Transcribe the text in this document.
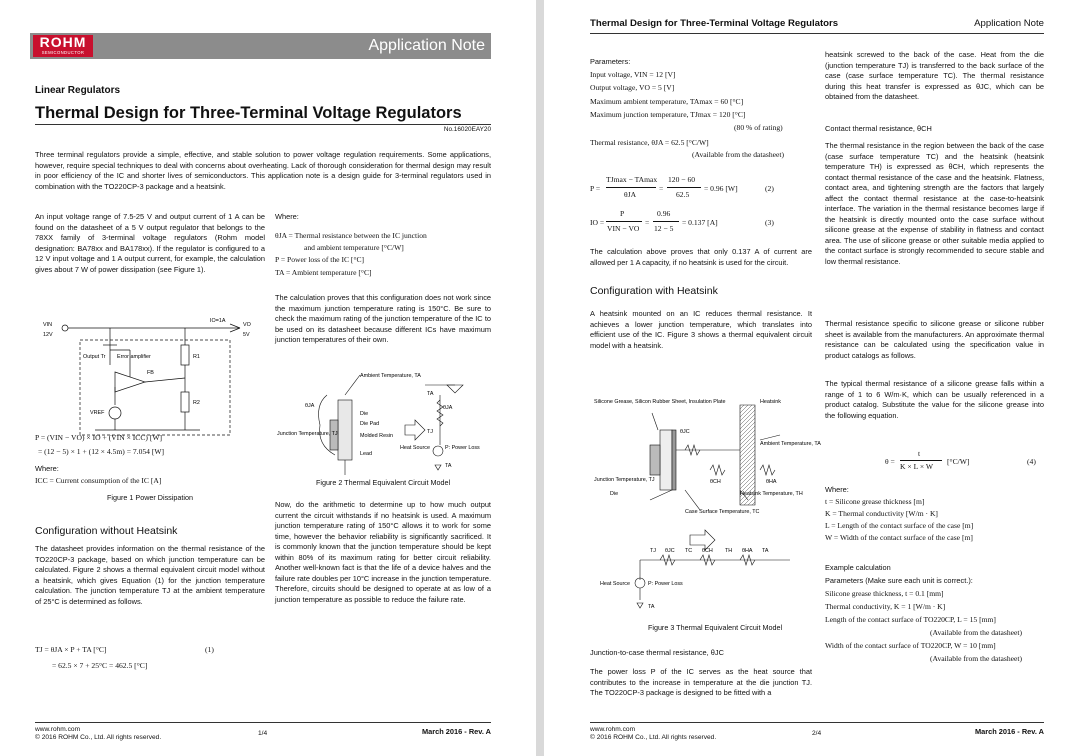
ROHM
SEMICONDUCTOR	Application Note
Linear Regulators
Thermal Design for Three-Terminal Voltage Regulators
No.16020EAY20

Three terminal regulators provide a simple, effective, and stable solution to power voltage regulation requirements. Some applications, however, require special techniques to deal with concerns about overheating. Lack of thorough consideration for thermal design may result in poor efficiency of the IC and shorter lives of semiconductors. This application note is a design guide for 3-terminal regulators used in combination with the TO220CP-3 package and a heatsink.

An input voltage range of 7.5-25 V and output current of 1 A can be found on the datasheet of a 5 V output regulator that belongs to the 78XX family of 3-terminal voltage regulators (Rohm model designation: BA78xx and BA178xx). If the regulator is configured to a 12 V input voltage and 1 A output current, for example, the calculation gives about 7 W of power dissipation (see Figure 1).

VIN
12V
VO
5V
IO=1A
Output Tr Error amplifier
FB
VREF
R1
R2
P = (VIN − VO) × IO + (VIN × ICC) [W]
= (12 − 5) × 1 + (12 × 4.5m) = 7.054 [W]
Where:
ICC = Current consumption of the IC [A]
Figure 1 Power Dissipation
Where:
θJA = Thermal resistance between the IC junction
and ambient temperature [°C/W]
P = Power loss of the IC [°C]
TA = Ambient temperature [°C]

The calculation proves that this configuration does not work since the maximum junction temperature rating is 150°C. Be sure to check the maximum rating of the junction temperature of the IC to be used on its datasheet because different ICs have maximum junction temperatures of their own.

Ambient Temperature, TA
TA
θJA	θJA
Die
Die Pad
Molded Resin
Lead
Junction Temperature, TJ	TJ
Heat Source	P: Power Loss
TA
Figure 2 Thermal Equivalent Circuit Model
Configuration without Heatsink

The datasheet provides information on the thermal resistance of the TO220CP-3 package, based on which junction temperature can be calculated. Figure 2 shows a thermal equivalent circuit model without a heatsink, which gives Equation (1) for the junction temperature calculation. The junction temperature TJ at the ambient temperature of 25°C is determined as follows.

TJ = θJA × P + TA [°C]	(1)
= 62.5 × 7 + 25°C = 462.5 [°C]

Now, do the arithmetic to determine up to how much output current the circuit withstands if no heatsink is used. A maximum junction temperature rating of 150°C allows it to work for some time, however the behavior reliability is significantly sacrificed. It is commonly known that the junction temperature should be kept within 80% of its maximum rating for better circuit reliability. Another well-known fact is that the life of a device halves and the failure rate doubles per 10°C increase in the junction temperature. Therefore, circuits should be designed to operate at as low of a junction temperature as possible to reduce the failure rate.

www.rohm.com
© 2016 ROHM Co., Ltd. All rights reserved.
1/4	March 2016 - Rev. A
Thermal Design for Three-Terminal Voltage Regulators	Application Note
Parameters:
Input voltage, VIN = 12 [V]
Output voltage, VO = 5 [V]
Maximum ambient temperature, TAmax = 60 [°C]
Maximum junction temperature, TJmax = 120 [°C]
(80 % of rating)
Thermal resistance, θJA = 62.5 [°C/W]
(Available from the datasheet)
P =
TJmax − TAmax
θJA
=
120 − 60
62.5
= 0.96 [W]	(2)
IO =
P
VIN − VO
=
0.96
12 − 5
= 0.137 [A]	(3)

The calculation above proves that only 0.137 A of current are allowed per 1 A capacity, if no heatsink is used for the circuit.

Configuration with Heatsink

A heatsink mounted on an IC reduces thermal resistance. It achieves a lower junction temperature, which translates into efficient use of the IC. Figure 3 shows a thermal equivalent circuit model with a heatsink.

Silicone Grease, Silicon Rubber Sheet, Insulation Plate	Heatsink
θJC
Ambient Temperature, TA
θCH	θHA
Junction Temperature, TJ
Die	Heatsink Temperature, TH
Case Surface Temperature, TC
TJ θJC TC θCH TH θHA TA
Heat Source	P: Power Loss
TA
Figure 3 Thermal Equivalent Circuit Model
Junction-to-case thermal resistance, θJC

The power loss P of the IC serves as the heat source that contributes to the increase in temperature at the die junction TJ. The TO220CP-3 package is designed to be fitted with a

heatsink screwed to the back of the case. Heat from the die (junction temperature TJ) is transferred to the back surface of the case (case surface temperature TC). The thermal resistance during this heat transfer is expressed as θJC, which can be obtained from the datasheet.

Contact thermal resistance, θCH

The thermal resistance in the region between the back of the case (case surface temperature TC) and the heatsink (heatsink temperature TH) is expressed as θCH, which represents the contact thermal resistance of the case and the heatsink. Flatness, contact area, and tightening strength are the factors that largely affect the contact thermal resistance at the case-to-heatsink interface. The variation in the thermal resistance becomes large if the heatsink is directly mounted onto the case surface without silicone grease at the expense of stability in flatness and contact area. The use of silicone grease or other suitable media applied to the contact surface is strongly recommended to secure stable and low thermal resistance.

Thermal resistance specific to silicone grease or silicone rubber sheet is available from the manufacturers. An approximate thermal resistance can be calculated using the specification value in product catalogs as follows.

The typical thermal resistance of a silicone grease falls within a range of 1 to 6 W/m·K, which can be usually referenced in a product catalog. Substitute the value for the silicone grease into the following equation.

θ =
t
K × L × W
[°C/W]	(4)
Where:
t = Silicone grease thickness [m]
K = Thermal conductivity [W/m · K]
L = Length of the contact surface of the case [m]
W = Width of the contact surface of the case [m]
Example calculation
Parameters (Make sure each unit is correct.):
Silicone grease thickness, t = 0.1 [mm]
Thermal conductivity, K = 1 [W/m · K]
Length of the contact surface of TO220CP, L = 15 [mm]
(Available from the datasheet)
Width of the contact surface of TO220CP, W = 10 [mm]
(Available from the datasheet)
www.rohm.com
© 2016 ROHM Co., Ltd. All rights reserved.
2/4	March 2016 - Rev. A
